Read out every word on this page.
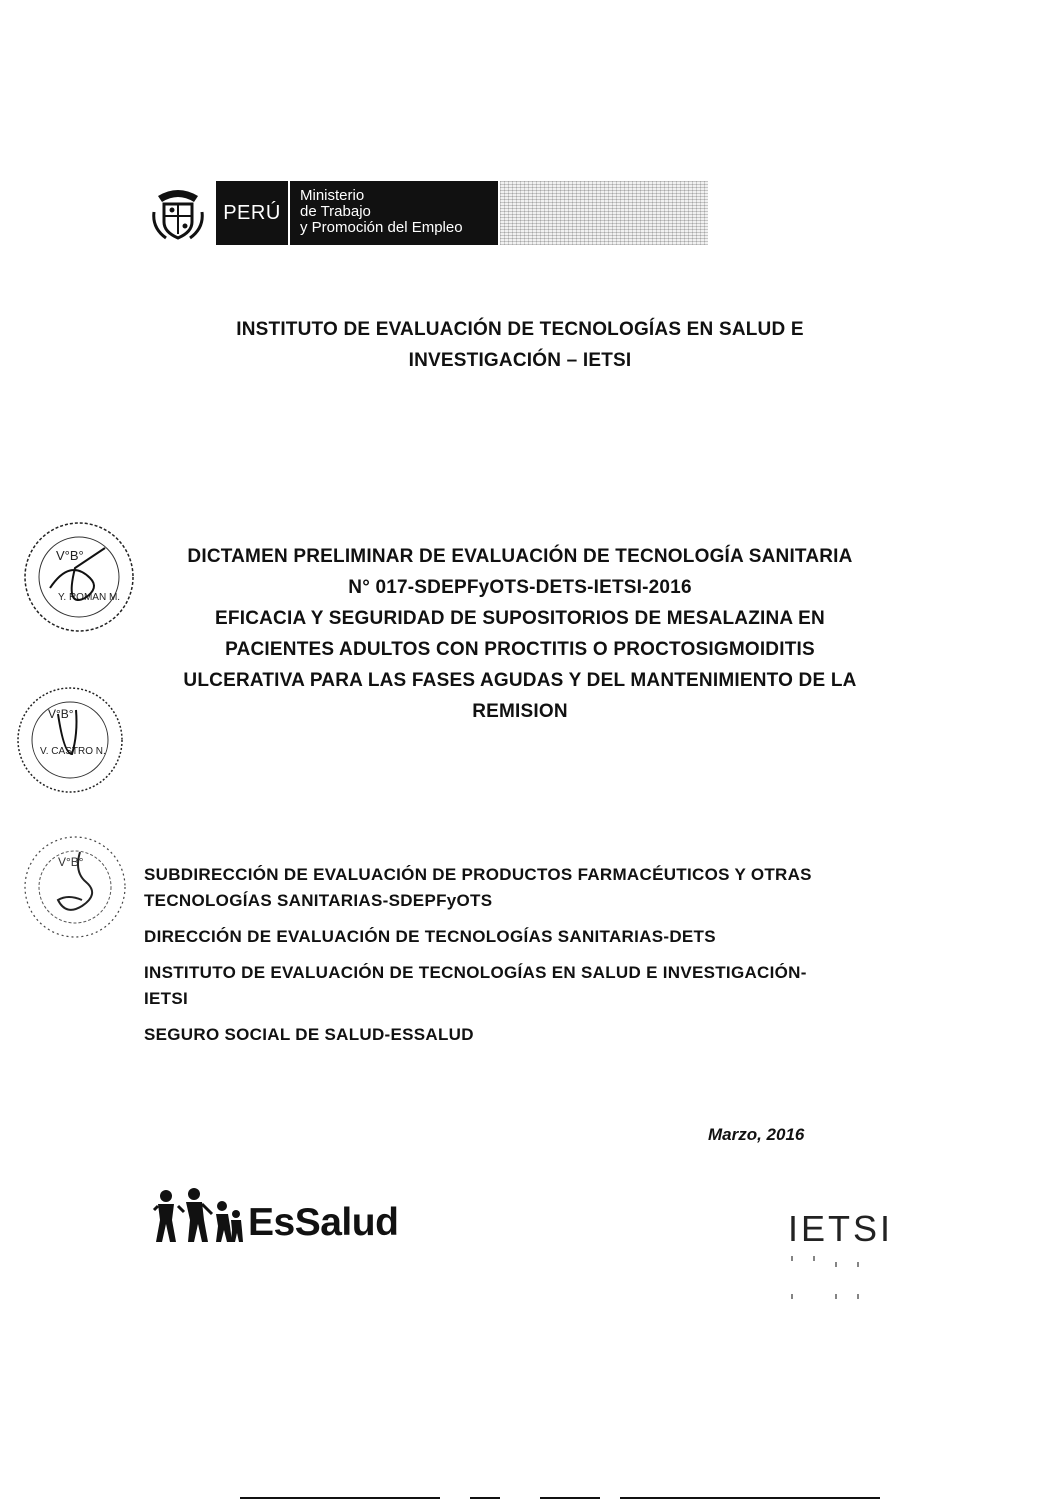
PERÚ
Ministerio
de Trabajo
y Promoción del Empleo
INSTITUTO DE EVALUACIÓN DE TECNOLOGÍAS EN SALUD E
INVESTIGACIÓN – IETSI
V°B°
Y. ROMAN M.
V°B°
V. CASTRO N.
V°B°
DICTAMEN PRELIMINAR DE EVALUACIÓN DE TECNOLOGÍA SANITARIA
N° 017-SDEPFyOTS-DETS-IETSI-2016
EFICACIA Y SEGURIDAD DE SUPOSITORIOS DE MESALAZINA EN
PACIENTES ADULTOS CON PROCTITIS O PROCTOSIGMOIDITIS
ULCERATIVA PARA LAS FASES AGUDAS Y DEL MANTENIMIENTO DE LA
REMISION
SUBDIRECCIÓN DE EVALUACIÓN DE PRODUCTOS FARMACÉUTICOS Y OTRAS
TECNOLOGÍAS SANITARIAS-SDEPFyOTS
DIRECCIÓN DE EVALUACIÓN DE TECNOLOGÍAS SANITARIAS-DETS
INSTITUTO DE EVALUACIÓN DE TECNOLOGÍAS EN SALUD E INVESTIGACIÓN-
IETSI
SEGURO SOCIAL DE SALUD-ESSALUD
Marzo, 2016
EsSalud	IETSI
